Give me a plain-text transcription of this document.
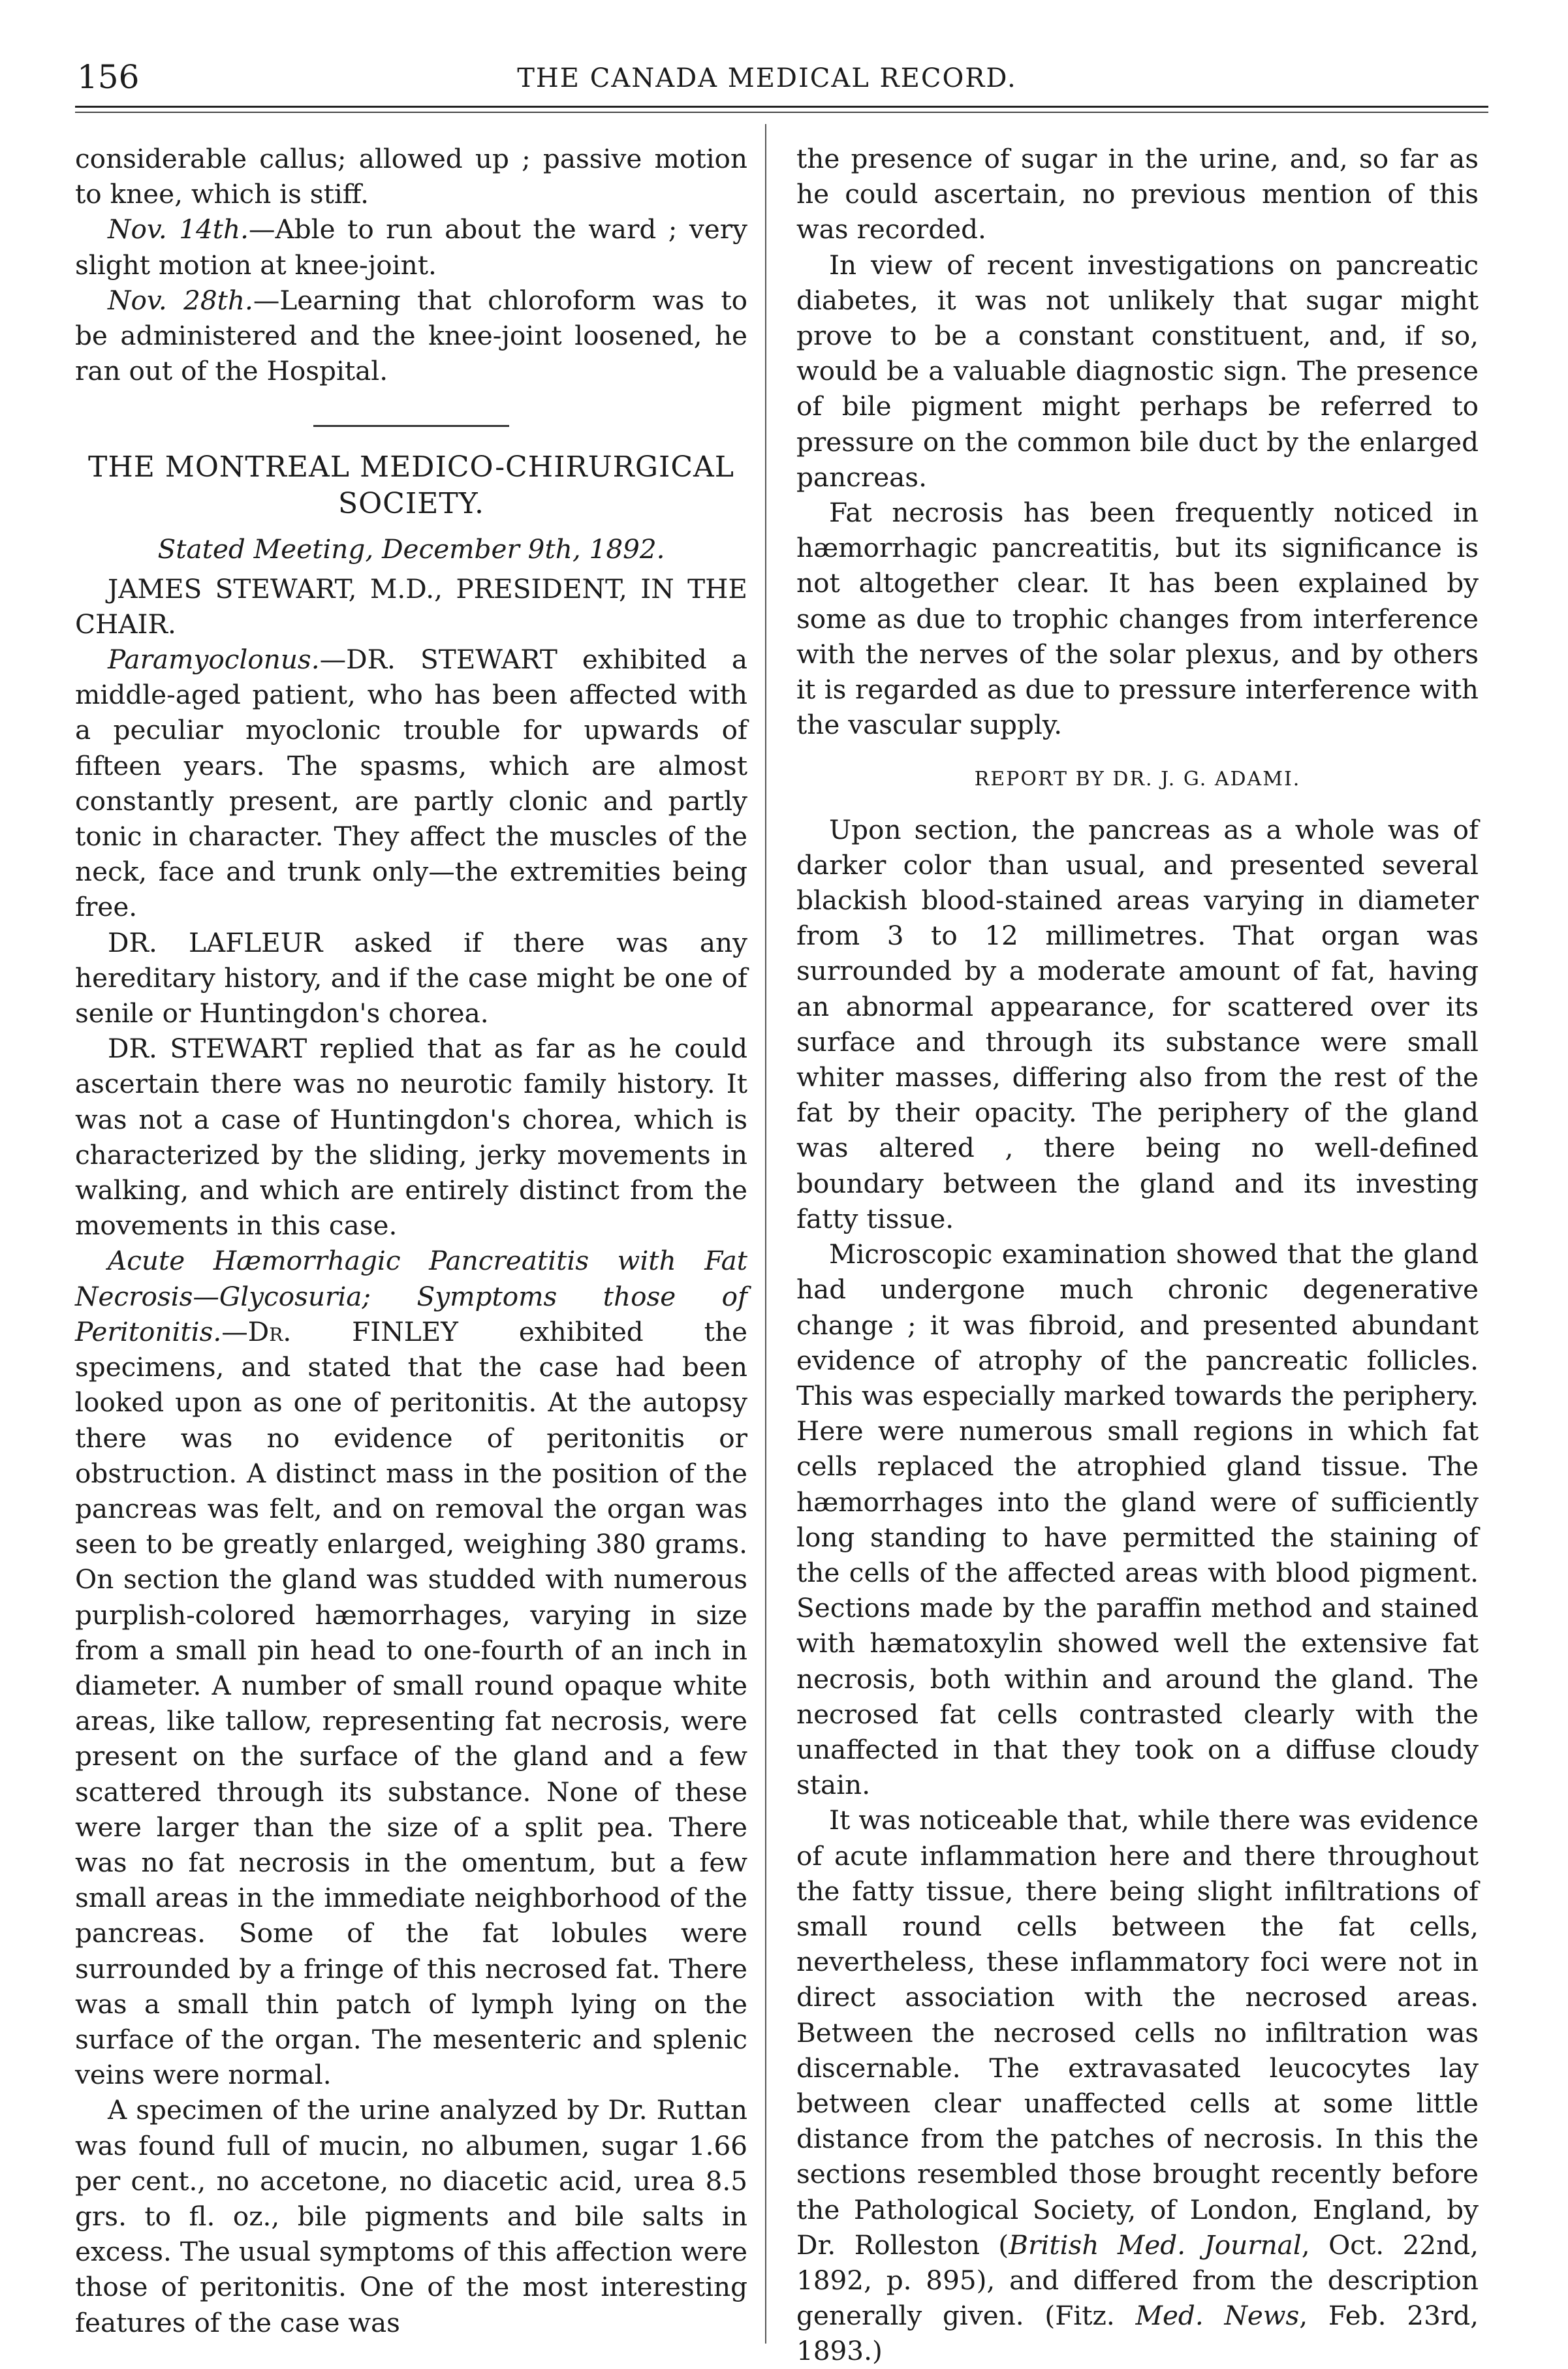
156	THE CANADA MEDICAL RECORD.

considerable callus; allowed up ; passive motion to knee, which is stiff.

Nov. 14th.—Able to run about the ward ; very slight motion at knee-joint.

Nov. 28th.—Learning that chloroform was to be administered and the knee-joint loosened, he ran out of the Hospital.

THE MONTREAL MEDICO-CHIRURGICAL SOCIETY.
Stated Meeting, December 9th, 1892.

JAMES STEWART, M.D., PRESIDENT, IN THE CHAIR.

Paramyoclonus.—DR. STEWART exhibited a middle-aged patient, who has been affected with a peculiar myoclonic trouble for upwards of fifteen years. The spasms, which are almost constantly present, are partly clonic and partly tonic in character. They affect the muscles of the neck, face and trunk only—the extremities being free.

DR. LAFLEUR asked if there was any hereditary history, and if the case might be one of senile or Huntingdon's chorea.

DR. STEWART replied that as far as he could ascertain there was no neurotic family history. It was not a case of Huntingdon's chorea, which is characterized by the sliding, jerky movements in walking, and which are entirely distinct from the movements in this case.

Acute Hæmorrhagic Pancreatitis with Fat Necrosis—Glycosuria; Symptoms those of Peritonitis.—Dr. FINLEY exhibited the specimens, and stated that the case had been looked upon as one of peritonitis. At the autopsy there was no evidence of peritonitis or obstruction. A distinct mass in the position of the pancreas was felt, and on removal the organ was seen to be greatly enlarged, weighing 380 grams. On section the gland was studded with numerous purplish-colored hæmorrhages, varying in size from a small pin head to one-fourth of an inch in diameter. A number of small round opaque white areas, like tallow, representing fat necrosis, were present on the surface of the gland and a few scattered through its substance. None of these were larger than the size of a split pea. There was no fat necrosis in the omentum, but a few small areas in the immediate neighborhood of the pancreas. Some of the fat lobules were surrounded by a fringe of this necrosed fat. There was a small thin patch of lymph lying on the surface of the organ. The mesenteric and splenic veins were normal.

A specimen of the urine analyzed by Dr. Ruttan was found full of mucin, no albumen, sugar 1.66 per cent., no accetone, no diacetic acid, urea 8.5 grs. to fl. oz., bile pigments and bile salts in excess. The usual symptoms of this affection were those of peritonitis. One of the most interesting features of the case was

the presence of sugar in the urine, and, so far as he could ascertain, no previous mention of this was recorded.

In view of recent investigations on pancreatic diabetes, it was not unlikely that sugar might prove to be a constant constituent, and, if so, would be a valuable diagnostic sign. The presence of bile pigment might perhaps be referred to pressure on the common bile duct by the enlarged pancreas.

Fat necrosis has been frequently noticed in hæmorrhagic pancreatitis, but its significance is not altogether clear. It has been explained by some as due to trophic changes from interference with the nerves of the solar plexus, and by others it is regarded as due to pressure interference with the vascular supply.

REPORT BY DR. J. G. ADAMI.

Upon section, the pancreas as a whole was of darker color than usual, and presented several blackish blood-stained areas varying in diameter from 3 to 12 millimetres. That organ was surrounded by a moderate amount of fat, having an abnormal appearance, for scattered over its surface and through its substance were small whiter masses, differing also from the rest of the fat by their opacity. The periphery of the gland was altered , there being no well-defined boundary between the gland and its investing fatty tissue.

Microscopic examination showed that the gland had undergone much chronic degenerative change ; it was fibroid, and presented abundant evidence of atrophy of the pancreatic follicles. This was especially marked towards the periphery. Here were numerous small regions in which fat cells replaced the atrophied gland tissue. The hæmorrhages into the gland were of sufficiently long standing to have permitted the staining of the cells of the affected areas with blood pigment. Sections made by the paraffin method and stained with hæmatoxylin showed well the extensive fat necrosis, both within and around the gland. The necrosed fat cells contrasted clearly with the unaffected in that they took on a diffuse cloudy stain.

It was noticeable that, while there was evidence of acute inflammation here and there throughout the fatty tissue, there being slight infiltrations of small round cells between the fat cells, nevertheless, these inflammatory foci were not in direct association with the necrosed areas. Between the necrosed cells no infiltration was discernable. The extravasated leucocytes lay between clear unaffected cells at some little distance from the patches of necrosis. In this the sections resembled those brought recently before the Pathological Society, of London, England, by Dr. Rolleston (British Med. Journal, Oct. 22nd, 1892, p. 895), and differed from the description generally given. (Fitz. Med. News, Feb. 23rd, 1893.)
